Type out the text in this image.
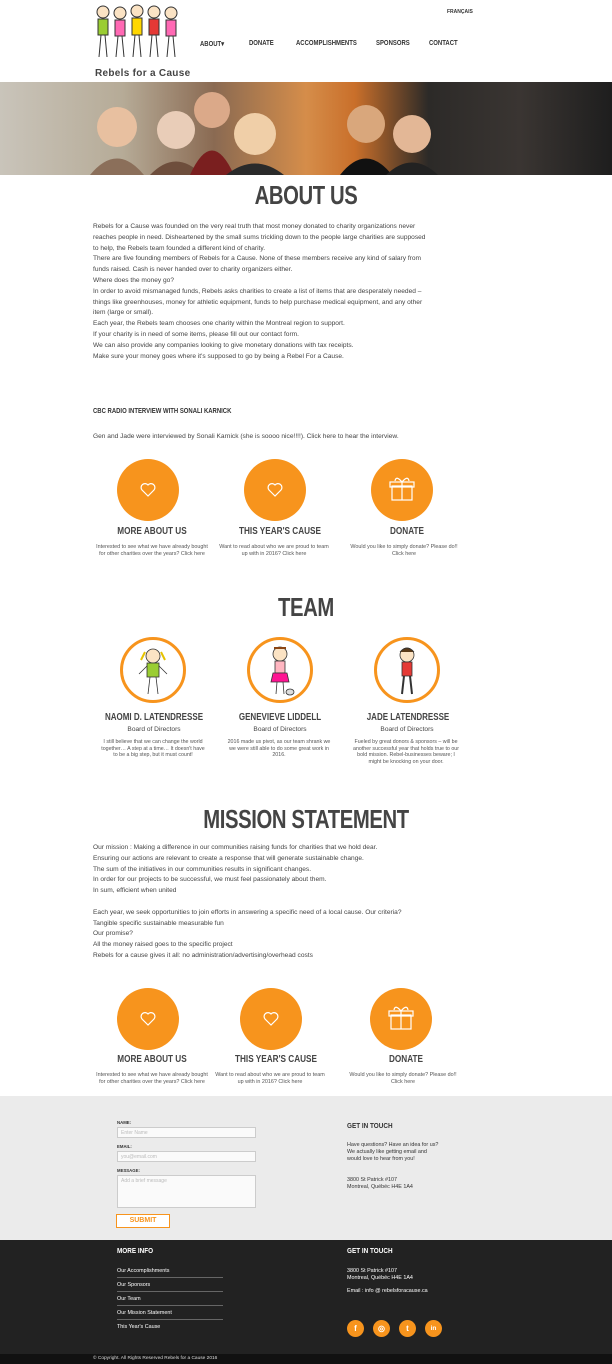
Rebels for a Cause
FRANÇAIS
ABOUT▾	DONATE	ACCOMPLISHMENTS	SPONSORS	CONTACT
ABOUT US
Rebels for a Cause was founded on the very real truth that most money donated to charity organizations never
reaches people in need. Disheartened by the small sums trickling down to the people large charities are supposed
to help, the Rebels team founded a different kind of charity.
There are five founding members of Rebels for a Cause. None of these members receive any kind of salary from
funds raised. Cash is never handed over to charity organizers either.
Where does the money go?
In order to avoid mismanaged funds, Rebels asks charities to create a list of items that are desperately needed –
things like greenhouses, money for athletic equipment, funds to help purchase medical equipment, and any other
item (large or small).
Each year, the Rebels team chooses one charity within the Montreal region to support.
If your charity is in need of some items, please fill out our contact form.
We can also provide any companies looking to give monetary donations with tax receipts.
Make sure your money goes where it's supposed to go by being a Rebel For a Cause.
CBC RADIO INTERVIEW WITH SONALI KARNICK
Gen and Jade were interviewed by Sonali Karnick (she is soooo nice!!!!). Click here to hear the interview.
MORE ABOUT US	THIS YEAR'S CAUSE	DONATE
Interested to see what we have already bought for other charities over the years? Click here
Want to read about who we are proud to team up with in 2016? Click here
Would you like to simply donate? Please do!! Click here
TEAM
NAOMI D. LATENDRESSE	GENEVIEVE LIDDELL	JADE LATENDRESSE
Board of Directors	Board of Directors	Board of Directors
I still believe that we can change the world together… A step at a time… It doesn't have to be a big step, but it must count!
2016 made us pivot, as our team shrank we we were still able to do some great work in 2016.
Fueled by great donors & sponsors – will be another successful year that holds true to our bold mission. Rebel-businesses beware; I might be knocking on your door.
MISSION STATEMENT
Our mission : Making a difference in our communities raising funds for charities that we hold dear.
Ensuring our actions are relevant to create a response that will generate sustainable change.
The sum of the initiatives in our communities results in significant changes.
In order for our projects to be successful, we must feel passionately about them.
In sum, efficient when united
Each year, we seek opportunities to join efforts in answering a specific need of a local cause. Our criteria?
Tangible specific sustainable measurable fun
Our promise?
All the money raised goes to the specific project
Rebels for a cause gives it all: no administration/advertising/overhead costs
MORE ABOUT US	THIS YEAR'S CAUSE	DONATE
Interested to see what we have already bought for other charities over the years? Click here
Want to read about who we are proud to team up with in 2016? Click here
Would you like to simply donate? Please do!! Click here
NAME:
Enter Name
EMAIL:
you@email.com
MESSAGE:
Add a brief message
SUBMIT
GET IN TOUCH
Have questions? Have an idea for us? We actually like getting email and would love to hear from you!
3800 St Patrick #107
Montreal, Québéc H4E 1A4
MORE INFO
Our Accomplishments
Our Sponsors
Our Team
Our Mission Statement
This Year's Cause
GET IN TOUCH
3800 St Patrick #107
Montreal, Québéc H4E 1A4
Email : info @ rebelsforacause.ca
f	◎	t	in
© Copyright. All Rights Reserved Rebels for a Cause 2016
